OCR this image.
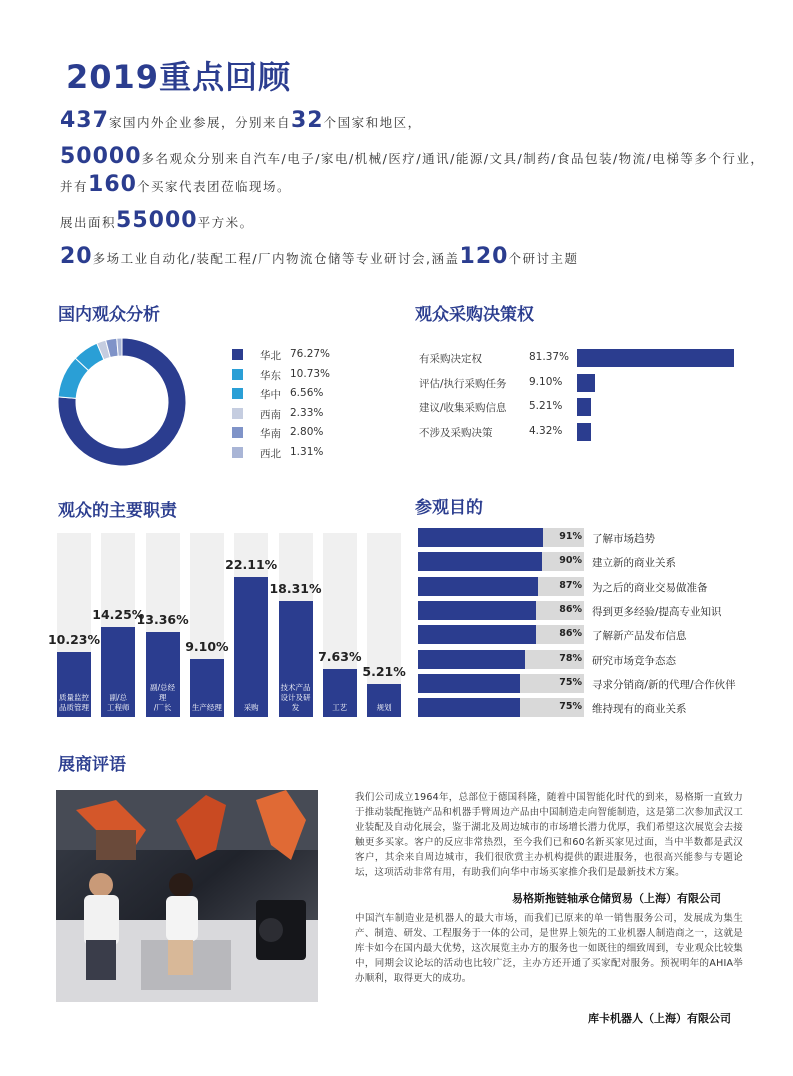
2019重点回顾
437家国内外企业参展，分别来自32个国家和地区，
50000多名观众分别来自汽车/电子/家电/机械/医疗/通讯/能源/文具/制药/食品包装/物流/电梯等多个行业，
并有160个买家代表团莅临现场。
展出面积55000平方米。
20多场工业自动化/装配工程/厂内物流仓储等专业研讨会,涵盖120个研讨主题
国内观众分析
华北 76.27%
华东 10.73%
华中 6.56%
西南 2.33%
华南 2.80%
西北 1.31%
观众采购决策权
有采购决定权	81.37%
评估/执行采购任务 9.10%
建议/收集采购信息 5.21%
不涉及采购决策	4.32%
观众的主要职责
质量监控
品质管理
10.23%
副/总
工程师
14.25%
副/总经理
/厂长
13.36%
生产经理
9.10%
采购
22.11%
技术产品
设计及研发
18.31%
工艺
7.63%
规划
5.21%
参观目的
91% 了解市场趋势
90% 建立新的商业关系
87% 为之后的商业交易做准备
86% 得到更多经验/提高专业知识
86% 了解新产品发布信息
78% 研究市场竞争态态
75% 寻求分销商/新的代理/合作伙伴
75% 维持现有的商业关系
展商评语
我们公司成立1964年，总部位于德国科隆，随着中国智能化时代的到来，易格斯一直致力于推动装配拖链产品和机器手臂周边产品由中国制造走向智能制造，这是第二次参加武汉工业装配及自动化展会，鉴于湖北及周边城市的市场增长潜力优厚，我们希望这次展览会去接触更多买家。客户的反应非常热烈，至今我们已和60名新买家见过面，当中半数都是武汉客户，其余来自周边城市，我们很欣赏主办机构提供的跟进服务，也很高兴能参与专题论坛，这项活动非常有用，有助我们向华中市场买家推介我们是最新技术方案。
易格斯拖链轴承仓储贸易（上海）有限公司
中国汽车制造业是机器人的最大市场，而我们已原来的单一销售服务公司，发展成为集生产、制造、研发、工程服务于一体的公司，是世界上领先的工业机器人制造商之一，这就是库卡如今在国内最大优势，这次展览主办方的服务也一如既往的细致周到，专业观众比较集中，同期会议论坛的活动也比较广泛，主办方还开通了买家配对服务。预祝明年的AHIA举办顺利，取得更大的成功。
库卡机器人（上海）有限公司
